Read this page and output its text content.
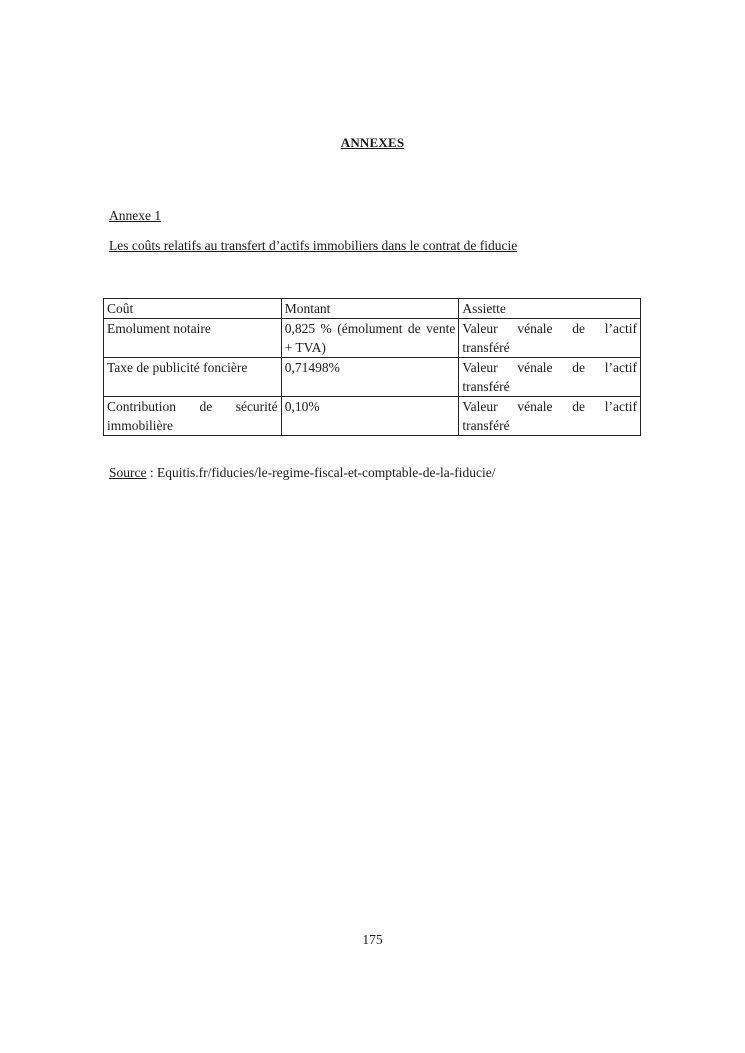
ANNEXES
Annexe 1
Les coûts relatifs au transfert d’actifs immobiliers dans le contrat de fiducie
Coût	Montant	Assiette
Emolument notaire	0,825 % (émolument de vente + TVA)	Valeur vénale de l’actif transféré
Taxe de publicité foncière	0,71498%	Valeur vénale de l’actif transféré
Contribution de sécurité immobilière	0,10%	Valeur vénale de l’actif transféré
Source : Equitis.fr/fiducies/le-regime-fiscal-et-comptable-de-la-fiducie/
175
